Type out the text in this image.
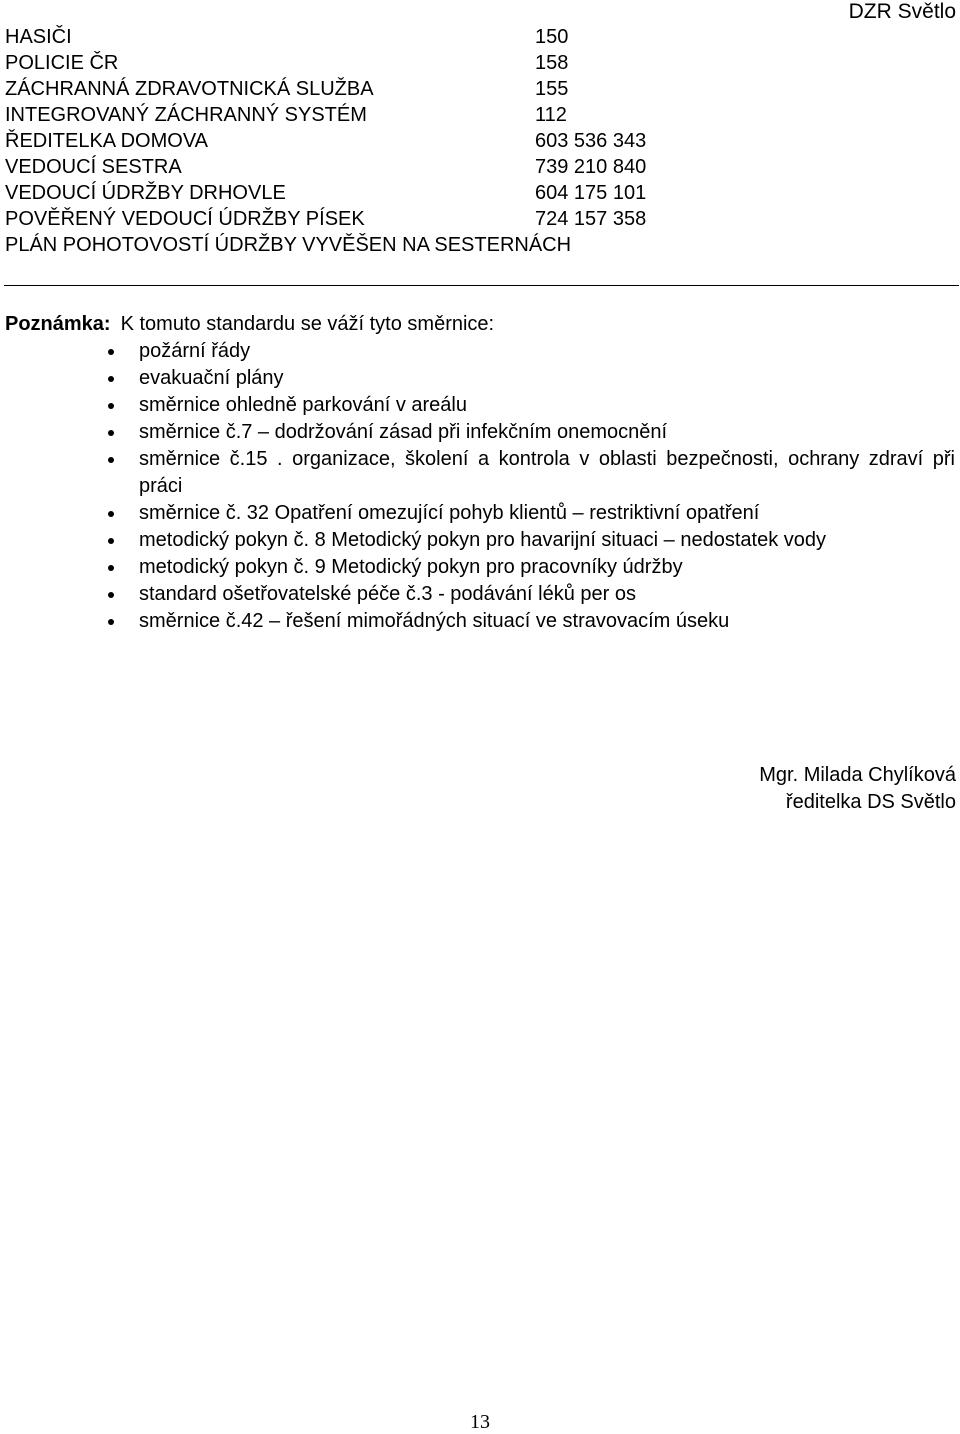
DZR Světlo
HASIČI	150
POLICIE ČR	158
ZÁCHRANNÁ ZDRAVOTNICKÁ SLUŽBA	155
INTEGROVANÝ ZÁCHRANNÝ SYSTÉM	112
ŘEDITELKA DOMOVA	603 536 343
VEDOUCÍ SESTRA	739 210 840
VEDOUCÍ ÚDRŽBY DRHOVLE	604 175 101
POVĚŘENÝ VEDOUCÍ ÚDRŽBY PÍSEK	724 157 358
PLÁN POHOTOVOSTÍ ÚDRŽBY VYVĚŠEN NA SESTERNÁCH
Poznámka: K tomuto standardu se váží tyto směrnice:
požární řády
evakuační plány
směrnice ohledně parkování v areálu
směrnice č.7 – dodržování zásad při infekčním onemocnění
směrnice č.15 . organizace, školení a kontrola v oblasti bezpečnosti, ochrany zdraví při práci
směrnice č. 32 Opatření omezující pohyb klientů – restriktivní opatření
metodický pokyn č. 8 Metodický pokyn pro havarijní situaci – nedostatek vody
metodický pokyn č. 9 Metodický pokyn pro pracovníky údržby
standard ošetřovatelské péče č.3 - podávání léků per os
směrnice č.42 – řešení mimořádných situací ve stravovacím úseku
Mgr. Milada Chylíková
ředitelka DS Světlo
13
